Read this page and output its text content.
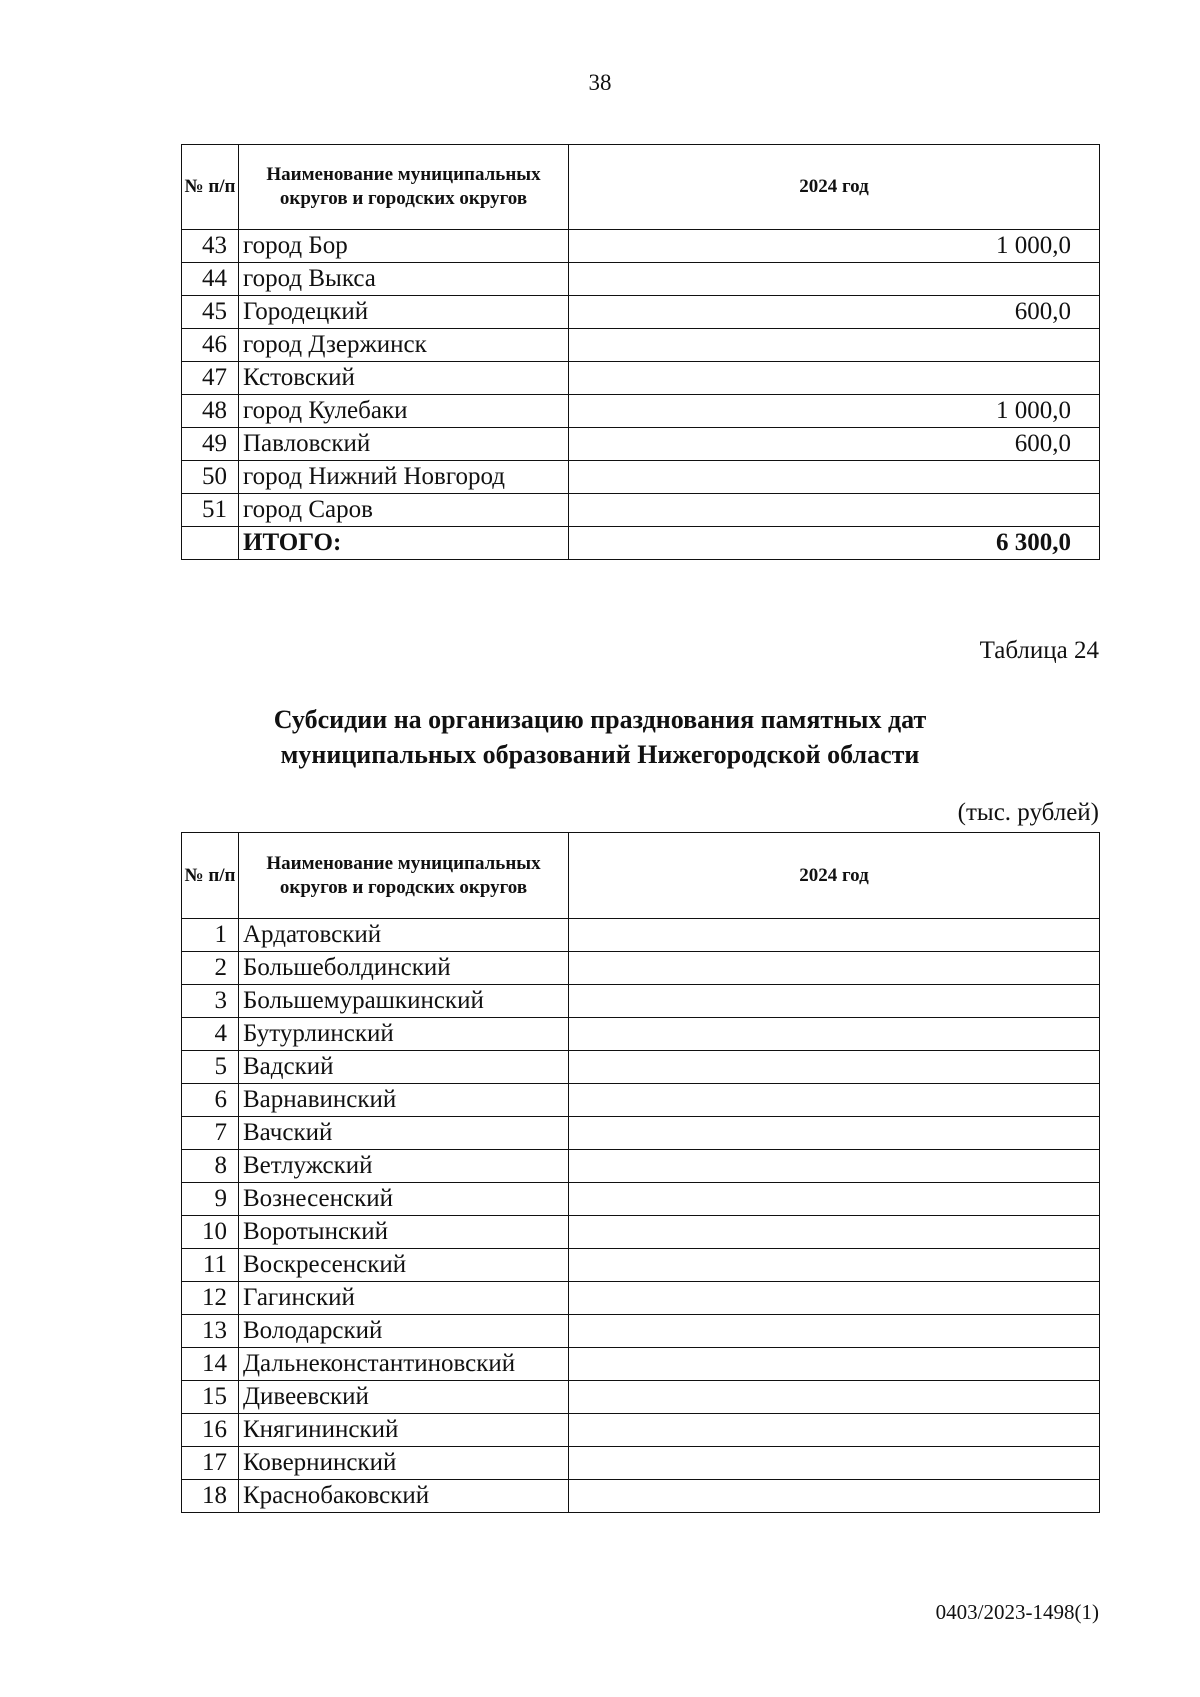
38
№ п/п	Наименование муниципальных округов и городских округов	2024 год
43	город Бор	1 000,0
44	город Выкса	
45	Городецкий	600,0
46	город Дзержинск	
47	Кстовский	
48	город Кулебаки	1 000,0
49	Павловский	600,0
50	город Нижний Новгород	
51	город Саров	
	ИТОГО:	6 300,0
Таблица 24
Субсидии на организацию празднования памятных дат
муниципальных образований Нижегородской области
(тыс. рублей)
№ п/п	Наименование муниципальных округов и городских округов	2024 год
1	Ардатовский	
2	Большеболдинский	
3	Большемурашкинский	
4	Бутурлинский	
5	Вадский	
6	Варнавинский	
7	Вачский	
8	Ветлужский	
9	Вознесенский	
10	Воротынский	
11	Воскресенский	
12	Гагинский	
13	Володарский	
14	Дальнеконстантиновский	
15	Дивеевский	
16	Княгининский	
17	Ковернинский	
18	Краснобаковский	
0403/2023-1498(1)
